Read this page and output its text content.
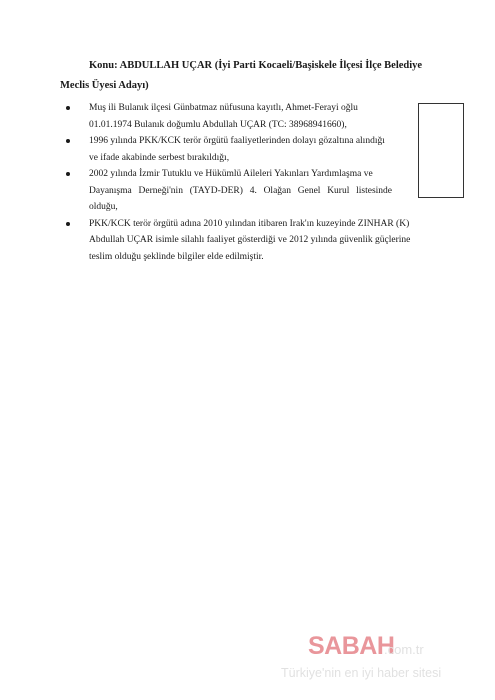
Konu: ABDULLAH UÇAR (İyi Parti Kocaeli/Başiskele İlçesi İlçe Belediye
Meclis Üyesi Adayı)
Muş ili Bulanık ilçesi Günbatmaz nüfusuna kayıtlı, Ahmet-Ferayi oğlu
01.01.1974 Bulanık doğumlu Abdullah UÇAR (TC: 38968941660),
1996 yılında PKK/KCK terör örgütü faaliyetlerinden dolayı gözaltına alındığı
ve ifade akabinde serbest bırakıldığı,
2002 yılında İzmir Tutuklu ve Hükümlü Aileleri Yakınları Yardımlaşma ve
Dayanışma Derneği'nin (TAYD-DER) 4. Olağan Genel Kurul listesinde olduğu,
PKK/KCK terör örgütü adına 2010 yılından itibaren Irak'ın kuzeyinde ZINHAR (K)
Abdullah UÇAR isimle silahlı faaliyet gösterdiği ve 2012 yılında güvenlik güçlerine
teslim olduğu şeklinde bilgiler elde edilmiştir.
SABAH
.com.tr
Türkiye'nin en iyi haber sitesi
